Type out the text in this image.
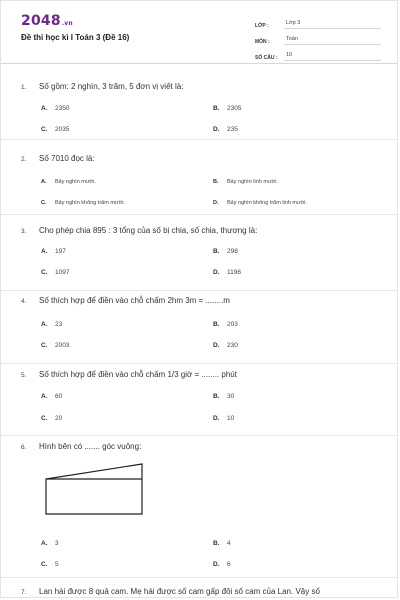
2048.vn
Đề thi học kì I Toán 3 (Đề 16)
LỚP :	Lớp 3
MÔN :	Toán
SỐ CÂU :	10
1. Số gồm: 2 nghìn, 3 trăm, 5 đơn vị viết là:
A. 2350	B. 2305
C. 2035	D. 235
2. Số 7010 đọc là:
A. Bảy nghìn mười.	B. Bảy nghìn linh mười.
C. Bảy nghìn không trăm mười.	D. Bảy nghìn không trăm linh mười.
3. Cho phép chia 895 : 3 tổng của số bị chia, số chia, thương là:
A. 197	B. 298
C. 1097	D. 1196
4. Số thích hợp để điền vào chỗ chấm 2hm 3m = ........m
A. 23	B. 203
C. 2003	D. 230
5. Số thích hợp để điền vào chỗ chấm 1/3 giờ = ........ phút
A. 60	B. 30
C. 20	D. 10
6. Hình bên có ....... góc vuông:
A. 3	B. 4
C. 5	D. 6
7. Lan hái được 8 quả cam. Mẹ hái được số cam gấp đôi số cam của Lan. Vậy số
